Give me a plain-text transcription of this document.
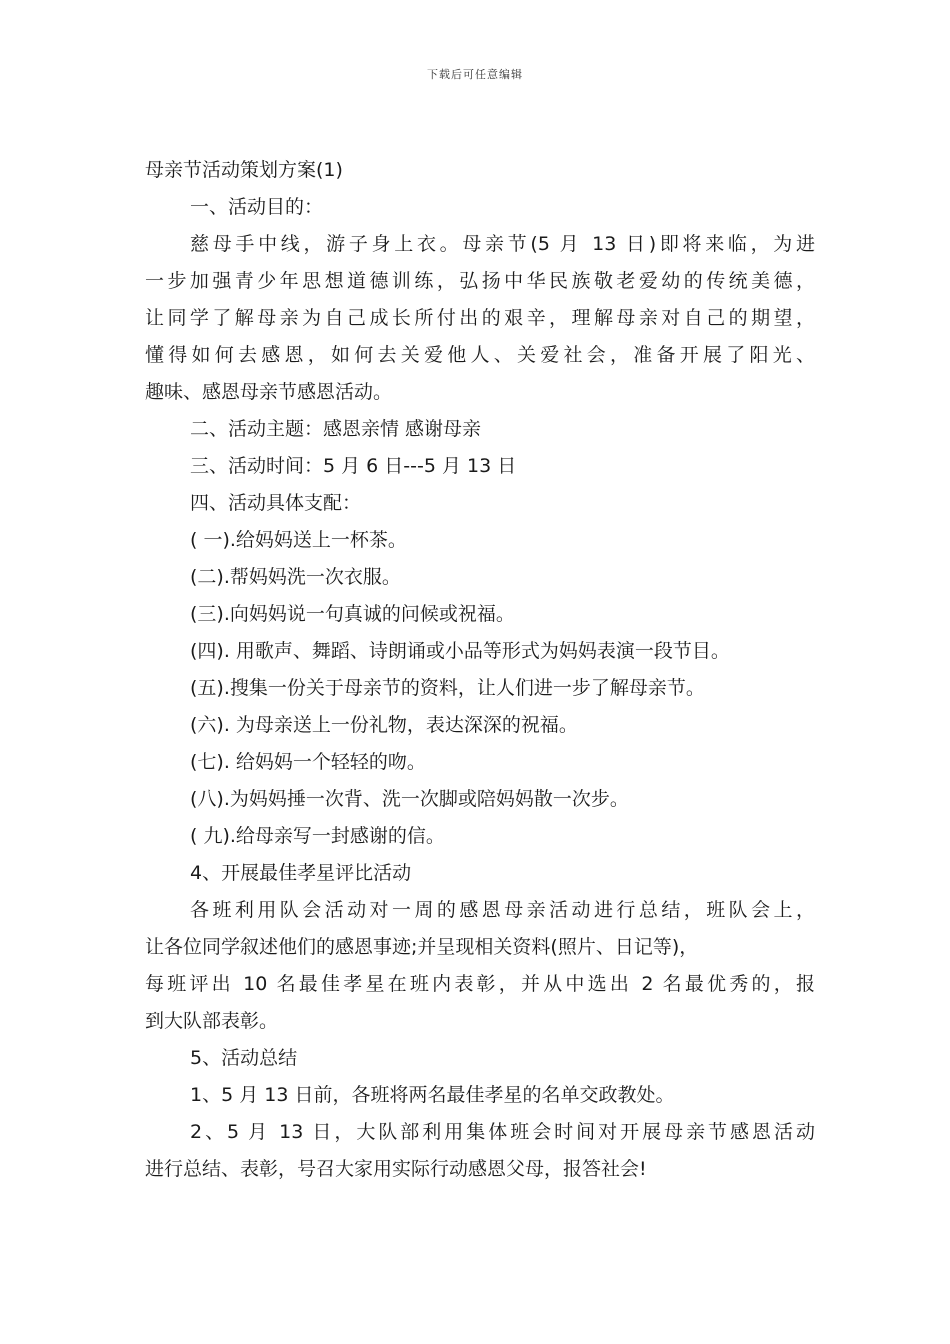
下载后可任意编辑
母亲节活动策划方案(1)
一、活动目的：
慈母手中线，游子身上衣。母亲节(5 月 13 日)即将来临，为进
一步加强青少年思想道德训练，弘扬中华民族敬老爱幼的传统美德，
让同学了解母亲为自己成长所付出的艰辛，理解母亲对自己的期望，
懂得如何去感恩，如何去关爱他人、关爱社会，准备开展了阳光、
趣味、感恩母亲节感恩活动。
二、活动主题：感恩亲情 感谢母亲
三、活动时间：5 月 6 日---5 月 13 日
四、活动具体支配：
( 一).给妈妈送上一杯茶。
(二).帮妈妈洗一次衣服。
(三).向妈妈说一句真诚的问候或祝福。
(四). 用歌声、舞蹈、诗朗诵或小品等形式为妈妈表演一段节目。
(五).搜集一份关于母亲节的资料，让人们进一步了解母亲节。
(六). 为母亲送上一份礼物，表达深深的祝福。
(七). 给妈妈一个轻轻的吻。
(八).为妈妈捶一次背、洗一次脚或陪妈妈散一次步。
( 九).给母亲写一封感谢的信。
4、开展最佳孝星评比活动
各班利用队会活动对一周的感恩母亲活动进行总结，班队会上，
让各位同学叙述他们的感恩事迹;并呈现相关资料(照片、日记等)，
每班评出 10 名最佳孝星在班内表彰，并从中选出 2 名最优秀的，报
到大队部表彰。
5、活动总结
1、5 月 13 日前，各班将两名最佳孝星的名单交政教处。
2、5 月 13 日，大队部利用集体班会时间对开展母亲节感恩活动
进行总结、表彰，号召大家用实际行动感恩父母，报答社会!
